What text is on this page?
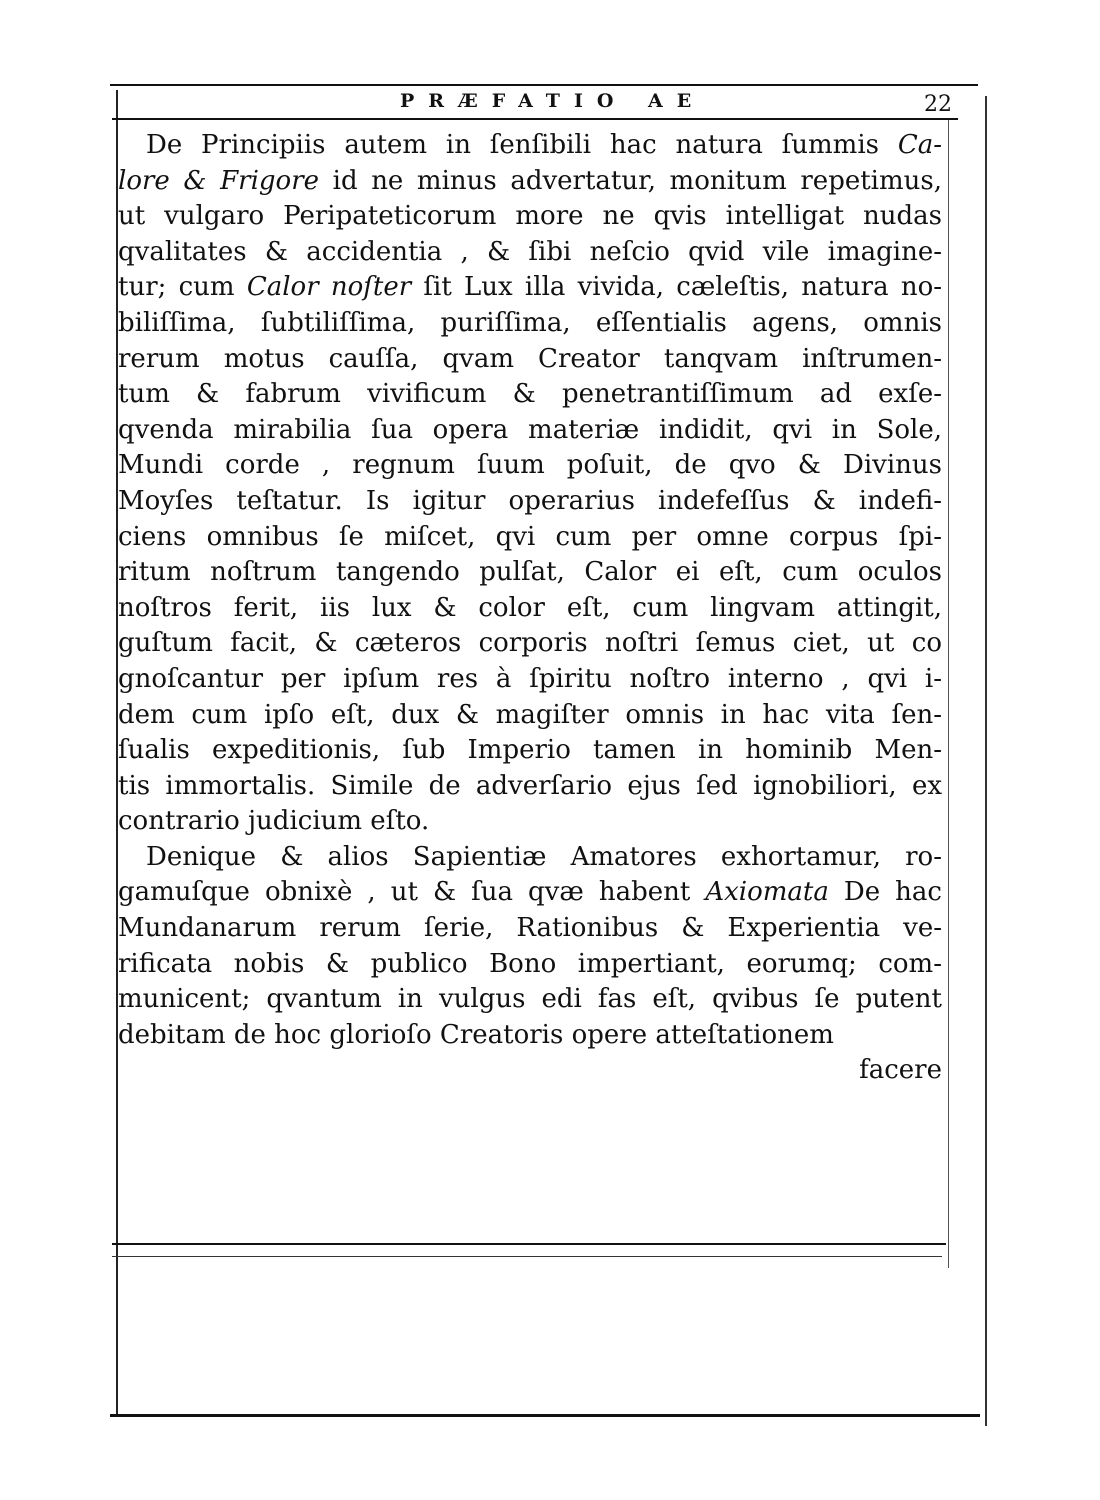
PRÆFATIO AE	22
De Principiis autem in ſenſibili hac natura ſummis Ca-
lore & Frigore id ne minus advertatur, monitum repetimus,
ut vulgaro Peripateticorum more ne qvis intelligat nudas
qvalitates & accidentia , & ſibi neſcio qvid vile imagine-
tur; cum Calor noſter ſit Lux illa vivida, cæleſtis, natura no-
biliſſima, ſubtiliſſima, puriſſima, eſſentialis agens, omnis
rerum motus cauſſa, qvam Creator tanqvam inſtrumen-
tum & fabrum vivificum & penetrantiſſimum ad exſe-
qvenda mirabilia ſua opera materiæ indidit, qvi in Sole,
Mundi corde , regnum ſuum poſuit, de qvo & Divinus
Moyſes teſtatur. Is igitur operarius indefeſſus & indefi-
ciens omnibus ſe miſcet, qvi cum per omne corpus ſpi-
ritum noſtrum tangendo pulſat, Calor ei eſt, cum oculos
noſtros ferit, iis lux & color eſt, cum lingvam attingit,
guſtum facit, & cæteros corporis noſtri ſemus ciet, ut co
gnoſcantur per ipſum res à ſpiritu noſtro interno , qvi i-
dem cum ipſo eſt, dux & magiſter omnis in hac vita ſen-
ſualis expeditionis, ſub Imperio tamen in hominib Men-
tis immortalis. Simile de adverſario ejus ſed ignobiliori, ex
contrario judicium eſto.
Denique & alios Sapientiæ Amatores exhortamur, ro-
gamuſque obnixè , ut & ſua qvæ habent Axiomata De hac
Mundanarum rerum ſerie, Rationibus & Experientia ve-
rificata nobis & publico Bono impertiant, eorumq; com-
municent; qvantum in vulgus edi fas eſt, qvibus ſe putent
debitam de hoc glorioſo Creatoris opere atteſtationem
facere
